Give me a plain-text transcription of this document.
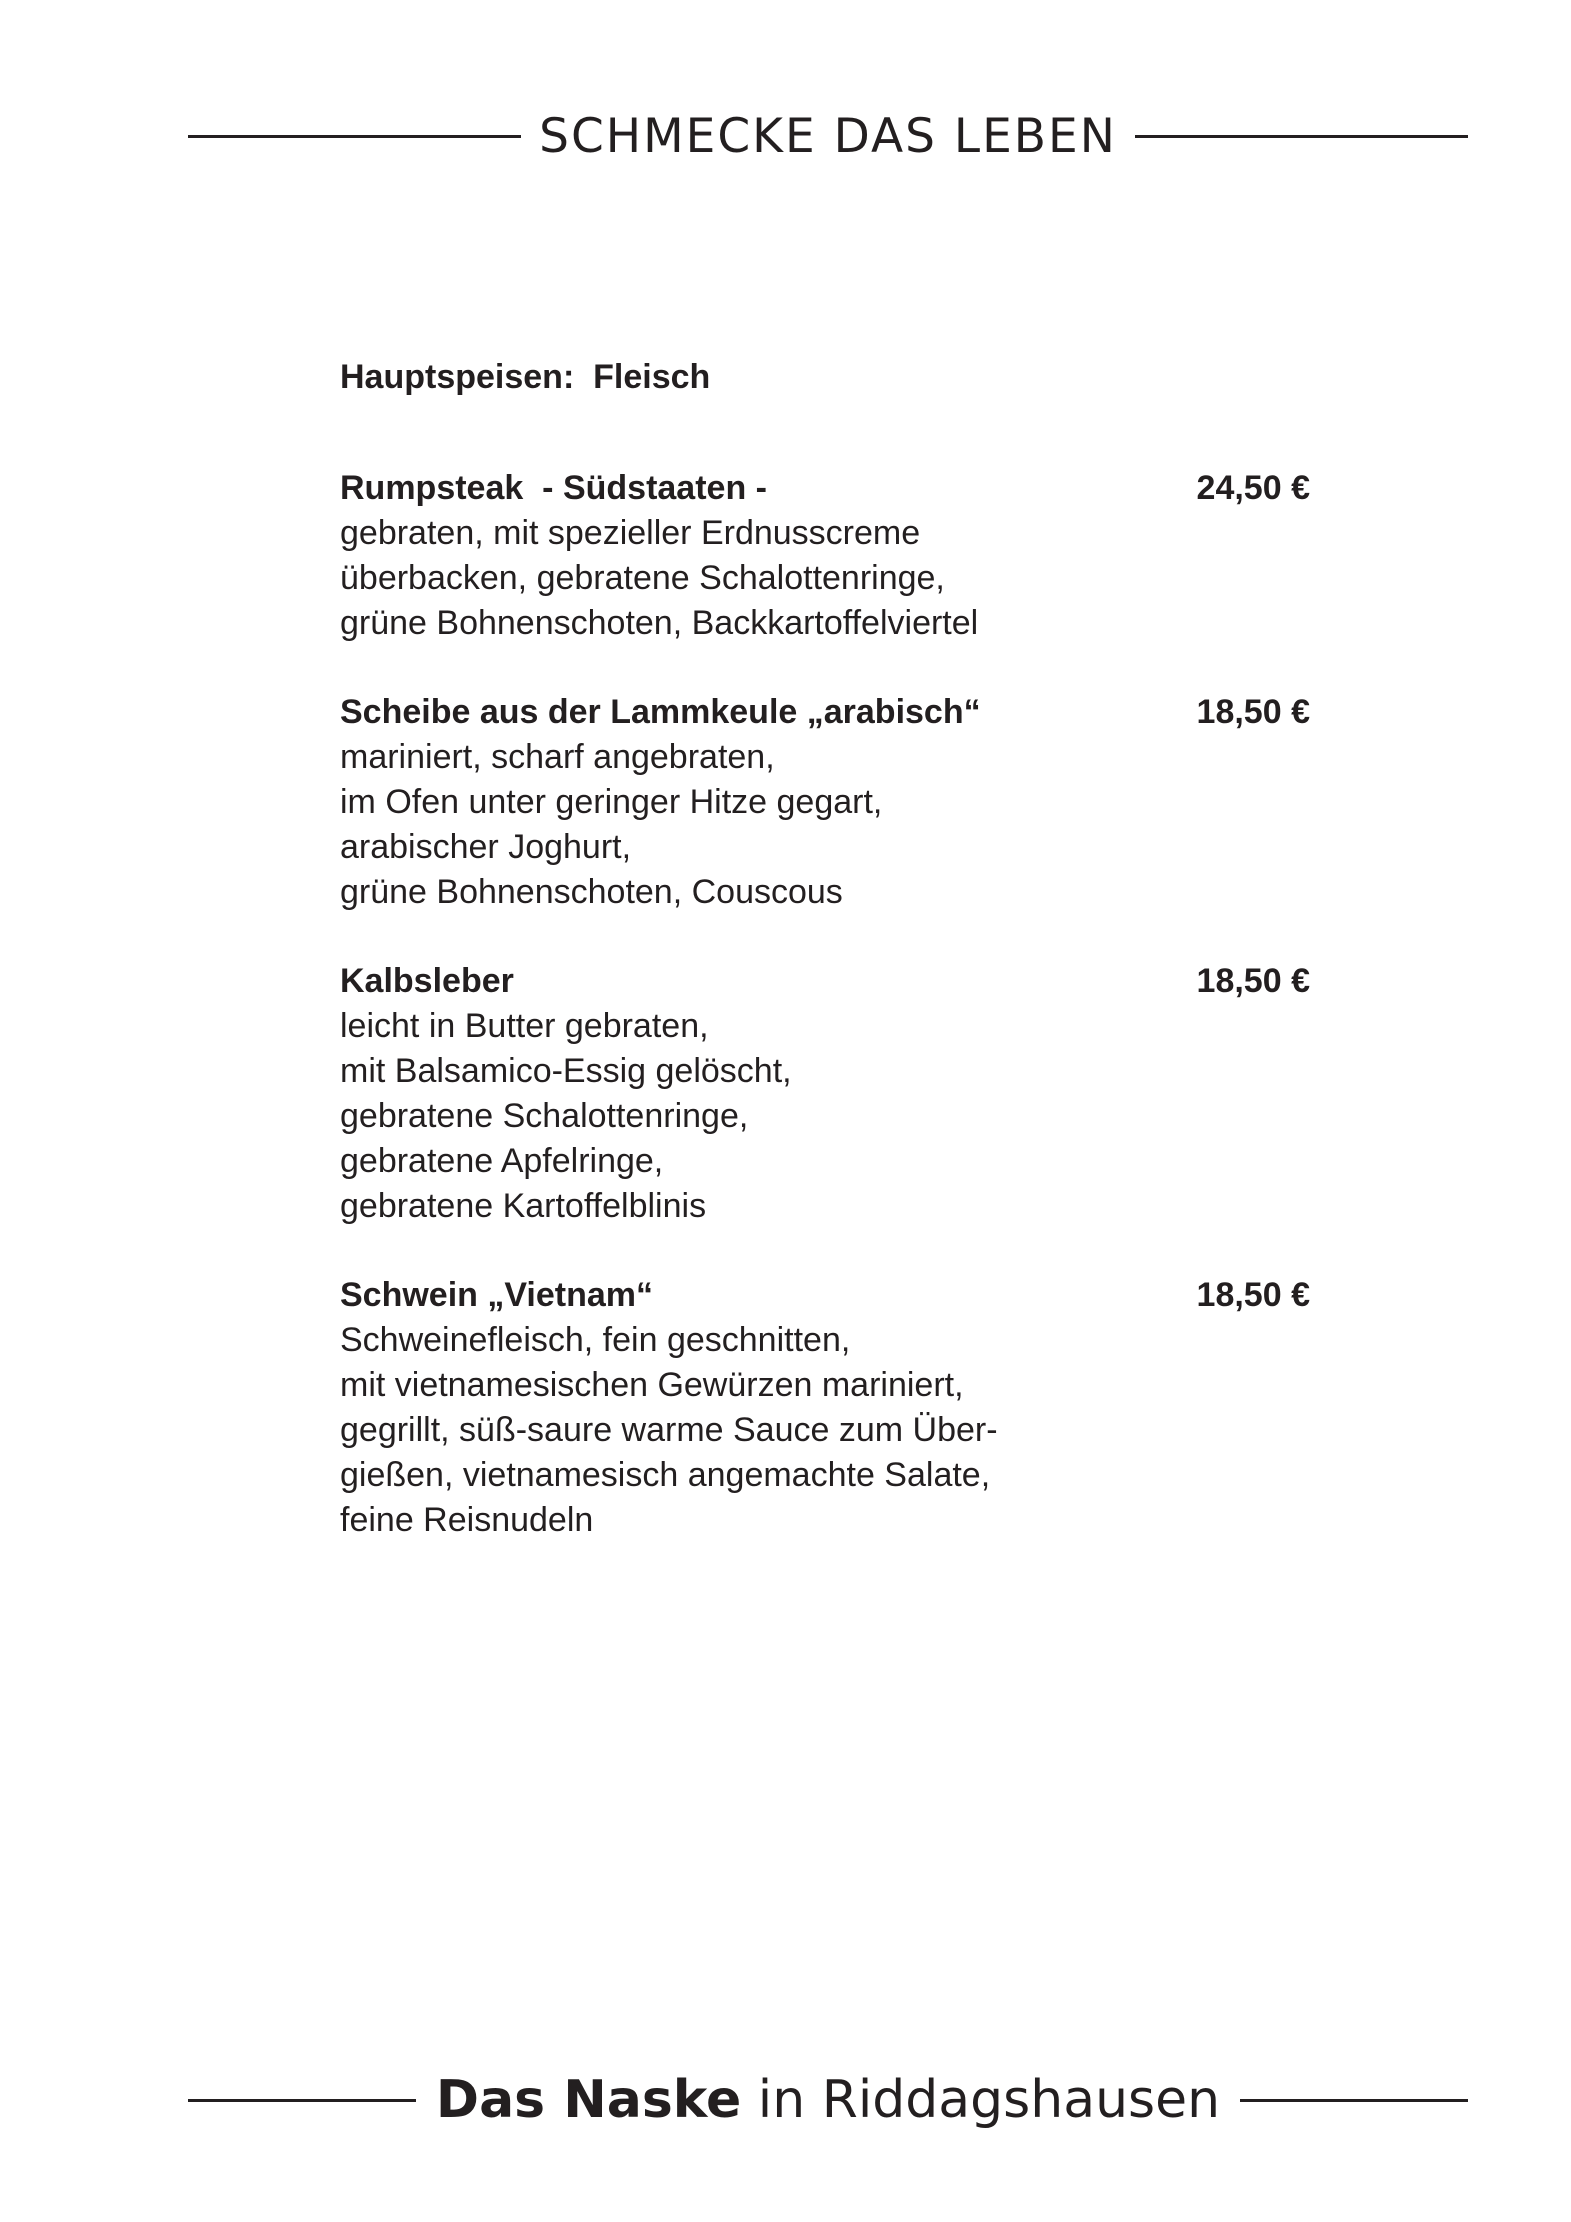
SCHMECKE DAS LEBEN
Hauptspeisen:  Fleisch
Rumpsteak  - Südstaaten -	24,50 €
gebraten, mit spezieller Erdnusscreme
überbacken, gebratene Schalottenringe,
grüne Bohnenschoten, Backkartoffelviertel
Scheibe aus der Lammkeule „arabisch“	18,50 €
mariniert, scharf angebraten,
im Ofen unter geringer Hitze gegart,
arabischer Joghurt,
grüne Bohnenschoten, Couscous
Kalbsleber	18,50 €
leicht in Butter gebraten,
mit Balsamico-Essig gelöscht,
gebratene Schalottenringe,
gebratene Apfelringe,
gebratene Kartoffelblinis
Schwein „Vietnam“	18,50 €
Schweinefleisch, fein geschnitten,
mit vietnamesischen Gewürzen mariniert,
gegrillt, süß-saure warme Sauce zum Über-
gießen, vietnamesisch angemachte Salate,
feine Reisnudeln
Das Naske in Riddagshausen
